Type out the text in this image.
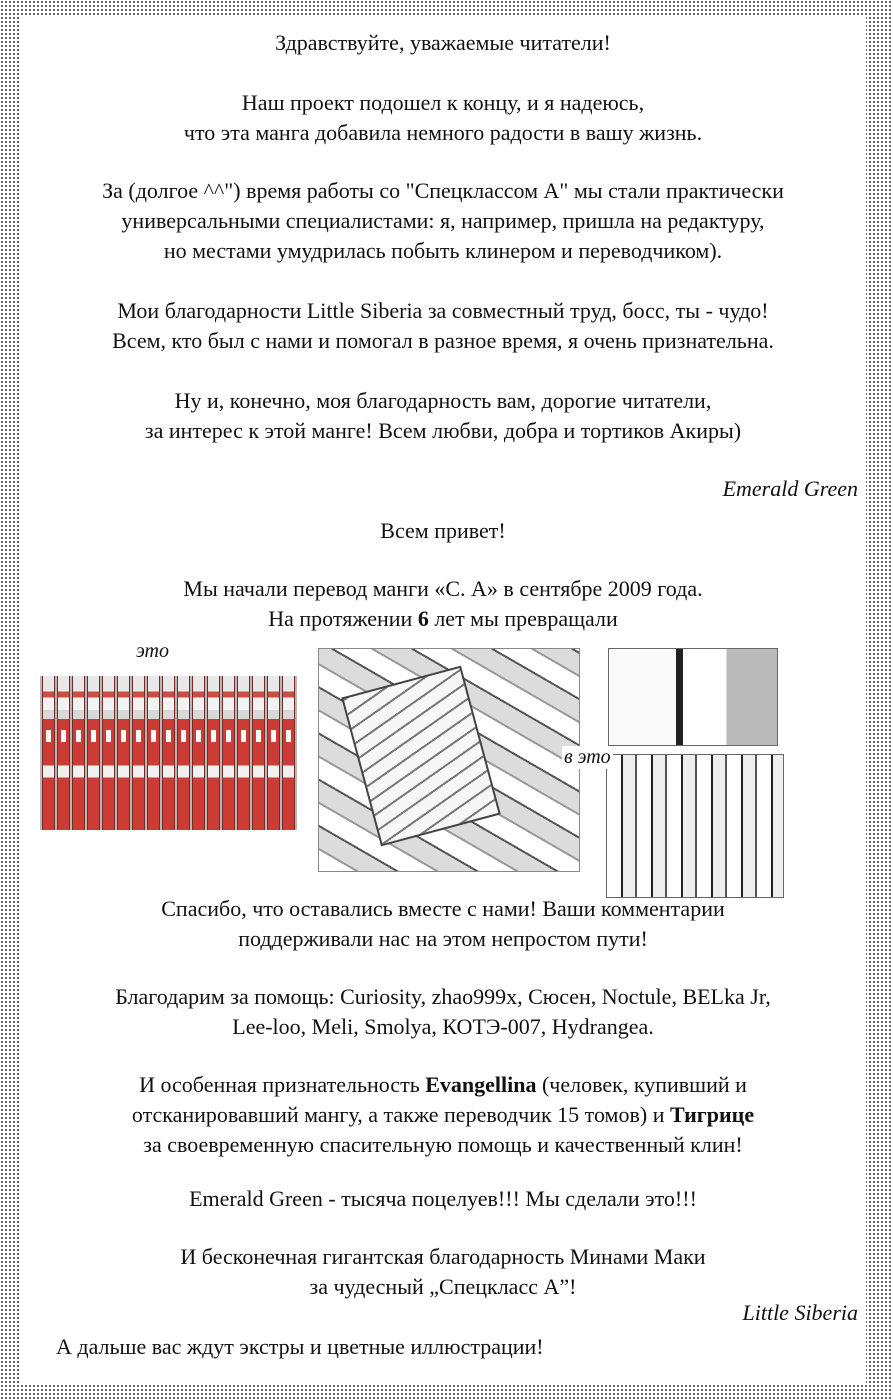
Здравствуйте, уважаемые читатели!
Наш проект подошел к концу, и я надеюсь,
что эта манга добавила немного радости в вашу жизнь.
За (долгое ^^") время работы со "Спецклассом А" мы стали практически
универсальными специалистами: я, например, пришла на редактуру,
но местами умудрилась побыть клинером и переводчиком).
Мои благодарности Little Siberia за совместный труд, босс, ты - чудо!
Всем, кто был с нами и помогал в разное время, я очень признательна.
Ну и, конечно, моя благодарность вам, дорогие читатели,
за интерес к этой манге! Всем любви, добра и тортиков Акиры)
Emerald Green
Всем привет!
Мы начали перевод манги «С. А» в сентябре 2009 года.
На протяжении 6 лет мы превращали
это
в это
Спасибо, что оставались вместе с нами! Ваши комментарии
поддерживали нас на этом непростом пути!
Благодарим за помощь: Curiosity, zhao999x, Сюсен, Noctule, BELka Jr,
Lee-loo, Meli, Smolya, КОТЭ-007, Hydrangea.
И особенная признательность Evangellina (человек, купивший и
отсканировавший мангу, а также переводчик 15 томов) и Тигрице
за своевременную спасительную помощь и качественный клин!
Emerald Green - тысяча поцелуев!!! Мы сделали это!!!
И бесконечная гигантская благодарность Минами Маки
за чудесный „Спецкласс А”!
Little Siberia
А дальше вас ждут экстры и цветные иллюстрации!
